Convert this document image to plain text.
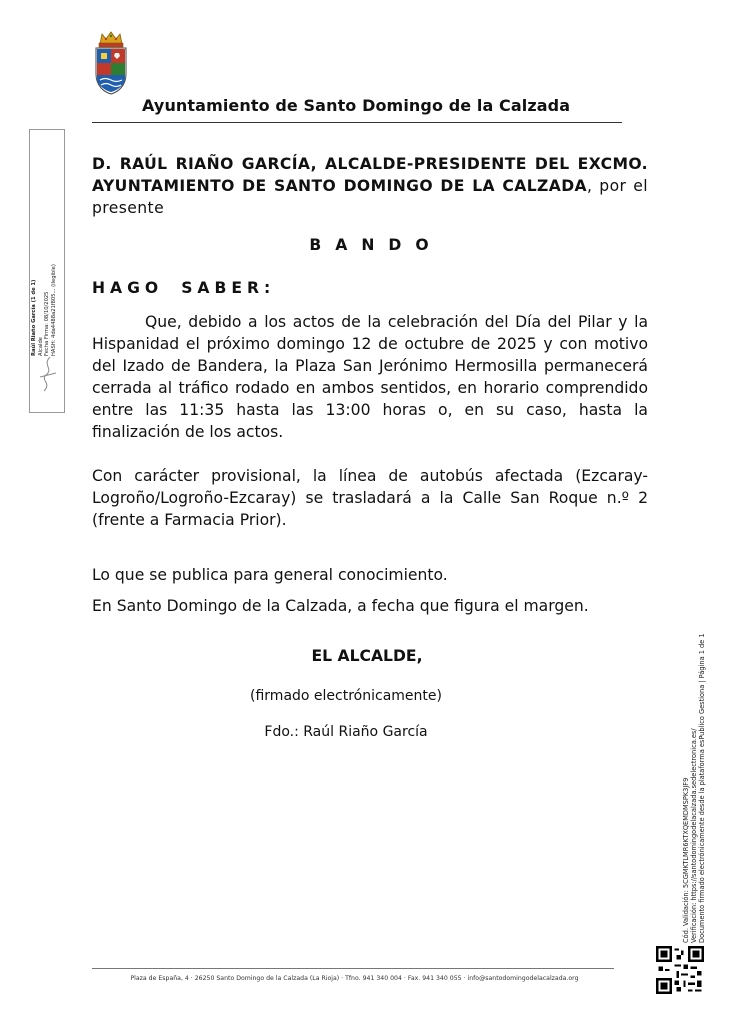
Ayuntamiento de Santo Domingo de la Calzada
Raúl Riaño García (1 de 1) Alcalde Fecha Firma: 08/10/2025 HASH: 4da4488a21f805... (ilegible)
D. RAÚL RIAÑO GARCÍA, ALCALDE-PRESIDENTE DEL EXCMO. AYUNTAMIENTO DE SANTO DOMINGO DE LA CALZADA, por el presente
BANDO
HAGO SABER:
Que, debido a los actos de la celebración del Día del Pilar y la Hispanidad el próximo domingo 12 de octubre de 2025 y con motivo del Izado de Bandera, la Plaza San Jerónimo Hermosilla permanecerá cerrada al tráfico rodado en ambos sentidos, en horario comprendido entre las 11:35 hasta las 13:00 horas o, en su caso, hasta la finalización de los actos.
Con carácter provisional, la línea de autobús afectada (Ezcaray-Logroño/Logroño-Ezcaray) se trasladará a la Calle San Roque n.º 2 (frente a Farmacia Prior).
Lo que se publica para general conocimiento.
En Santo Domingo de la Calzada, a fecha que figura el margen.
EL ALCALDE,
(firmado electrónicamente)
Fdo.: Raúl Riaño García
Cód. Validación: 5CGMKTLMR6KTXQEMDMSPK3JF9 Verificación: https://santodomingodelacalzada.sedelectronica.es/ Documento firmado electrónicamente desde la plataforma esPublico Gestiona | Página 1 de 1
Plaza de España, 4 · 26250 Santo Domingo de la Calzada (La Rioja) · Tfno. 941 340 004 · Fax. 941 340 055 · info@santodomingodelacalzada.org
